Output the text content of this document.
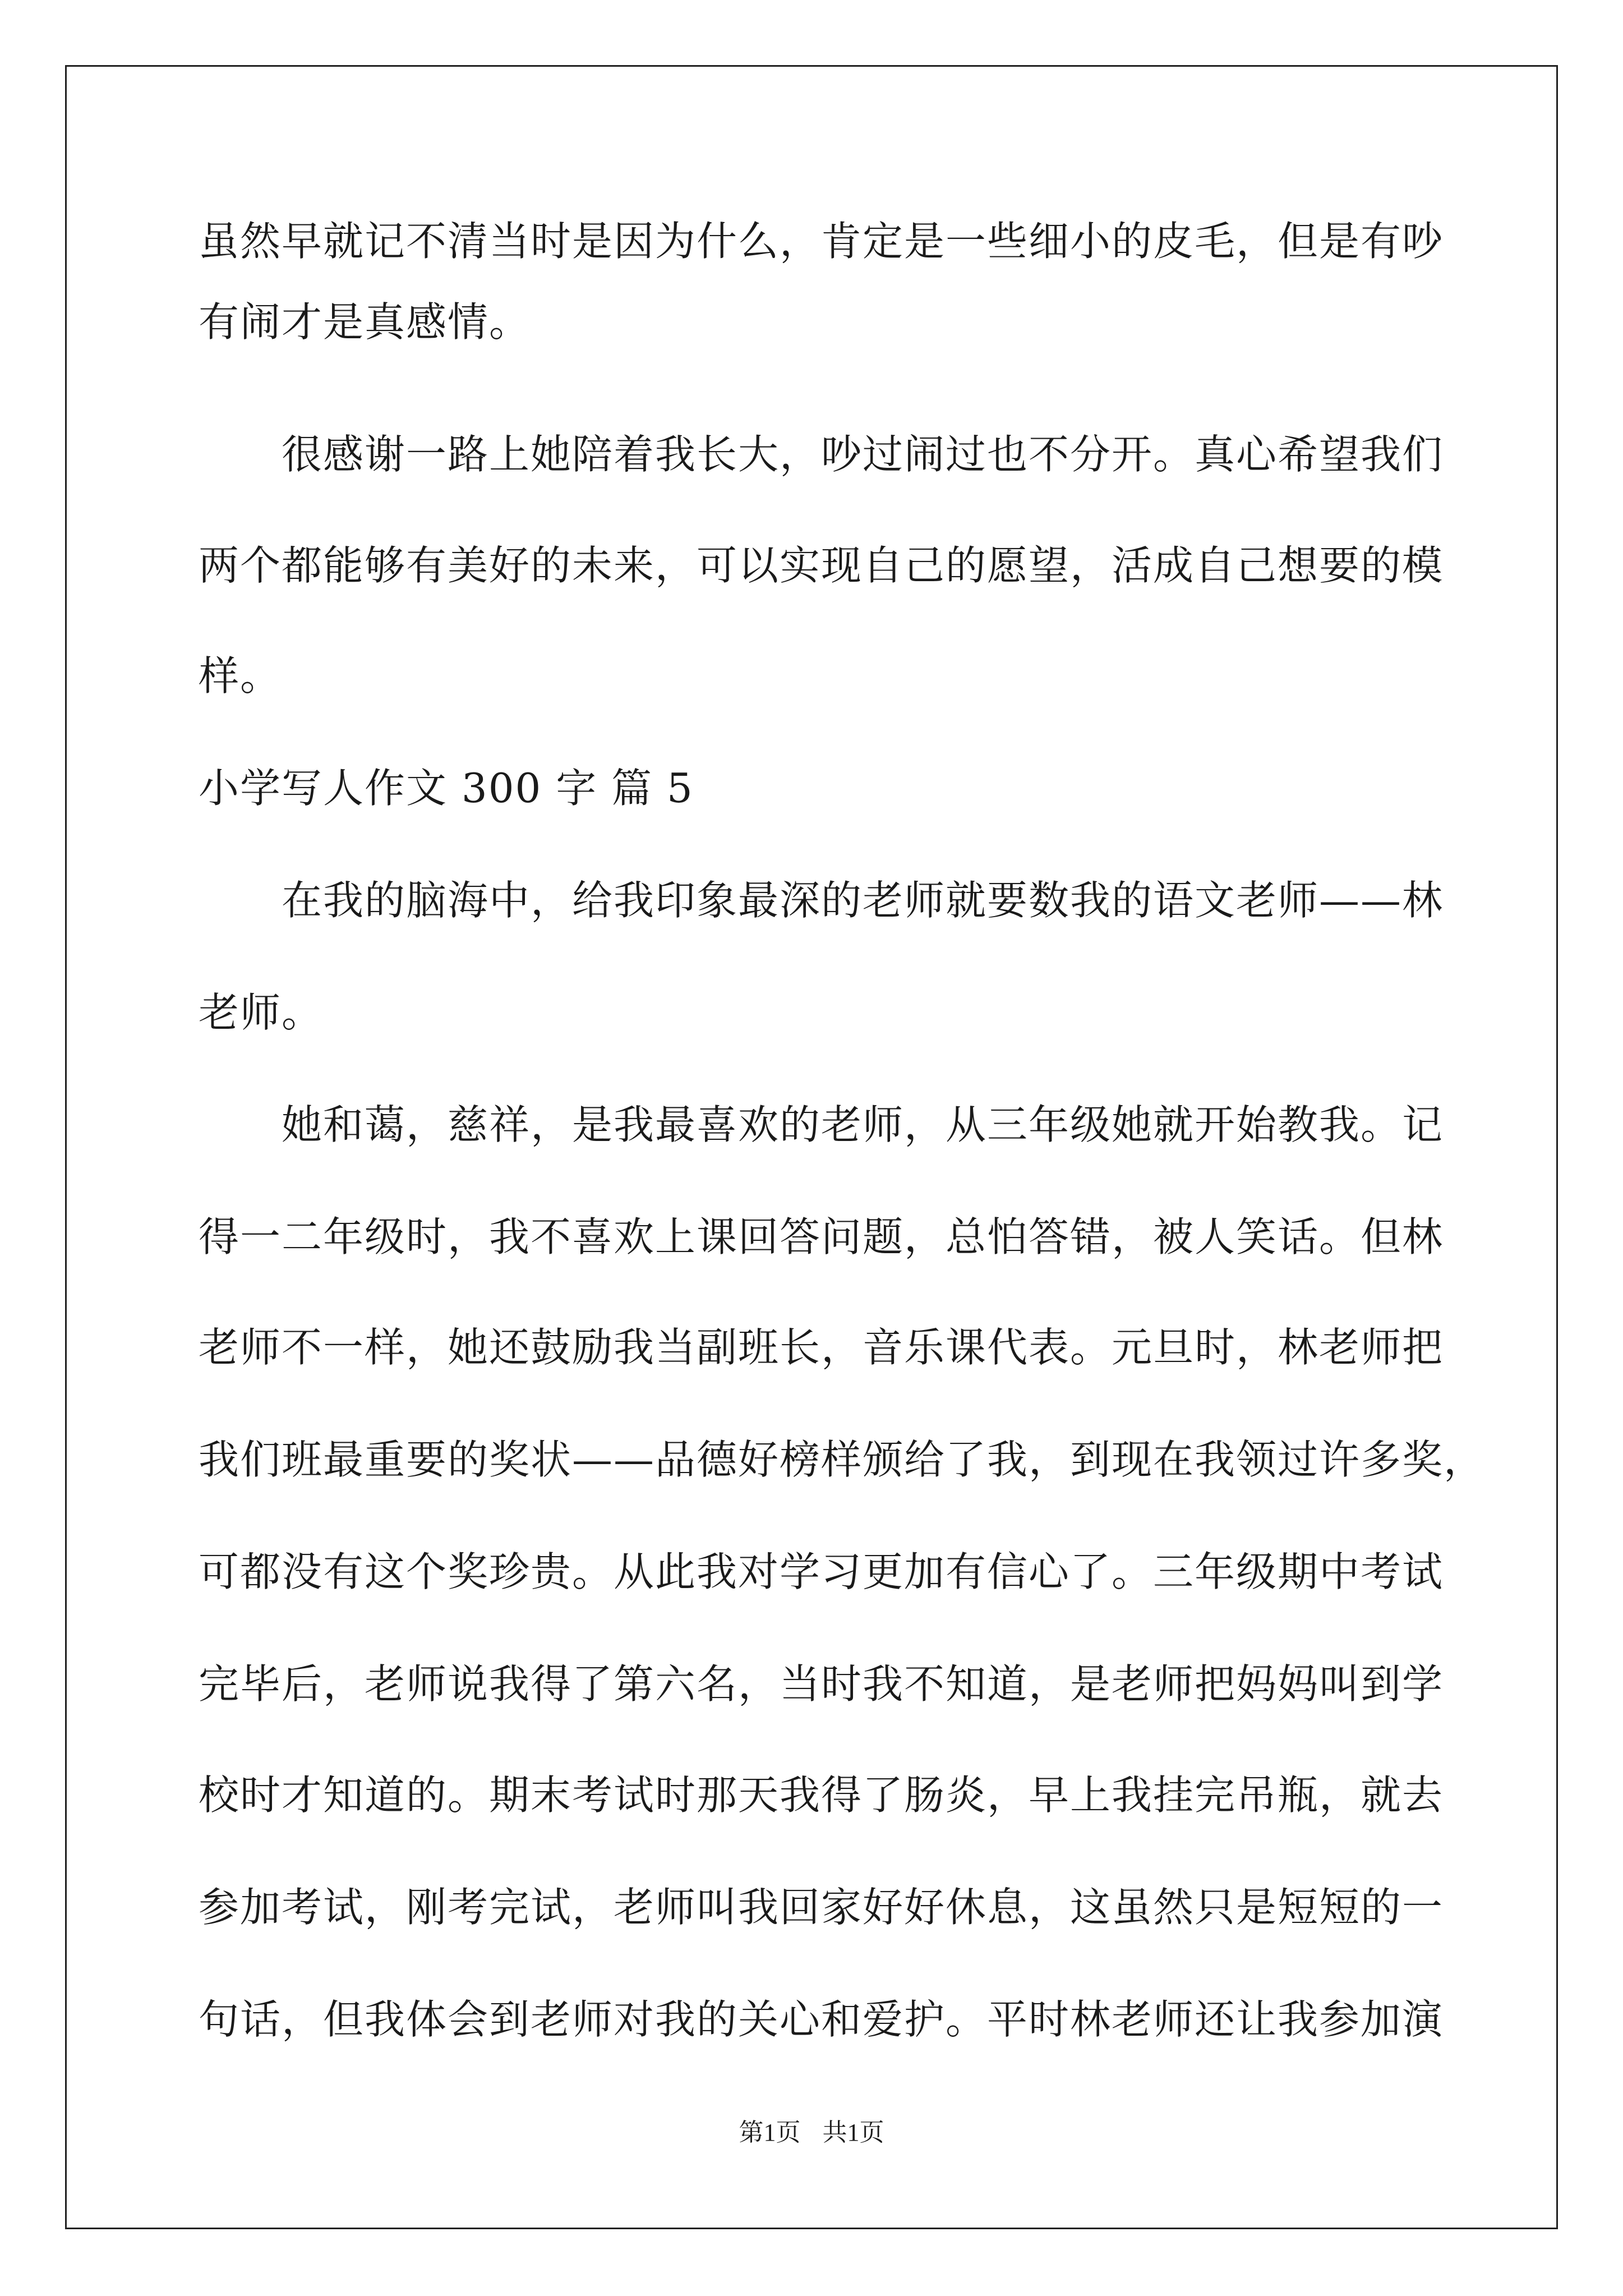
虽然早就记不清当时是因为什么，肯定是一些细小的皮毛，但是有吵
有闹才是真感情。
　　很感谢一路上她陪着我长大，吵过闹过也不分开。真心希望我们
两个都能够有美好的未来，可以实现自己的愿望，活成自己想要的模
样。
小学写人作文 300 字 篇 5
　　在我的脑海中，给我印象最深的老师就要数我的语文老师——林
老师。
　　她和蔼，慈祥，是我最喜欢的老师，从三年级她就开始教我。记
得一二年级时，我不喜欢上课回答问题，总怕答错，被人笑话。但林
老师不一样，她还鼓励我当副班长，音乐课代表。元旦时，林老师把
我们班最重要的奖状——品德好榜样颁给了我，到现在我领过许多奖，
可都没有这个奖珍贵。从此我对学习更加有信心了。三年级期中考试
完毕后，老师说我得了第六名，当时我不知道，是老师把妈妈叫到学
校时才知道的。期末考试时那天我得了肠炎，早上我挂完吊瓶，就去
参加考试，刚考完试，老师叫我回家好好休息，这虽然只是短短的一
句话，但我体会到老师对我的关心和爱护。平时林老师还让我参加演
第1页 共1页
